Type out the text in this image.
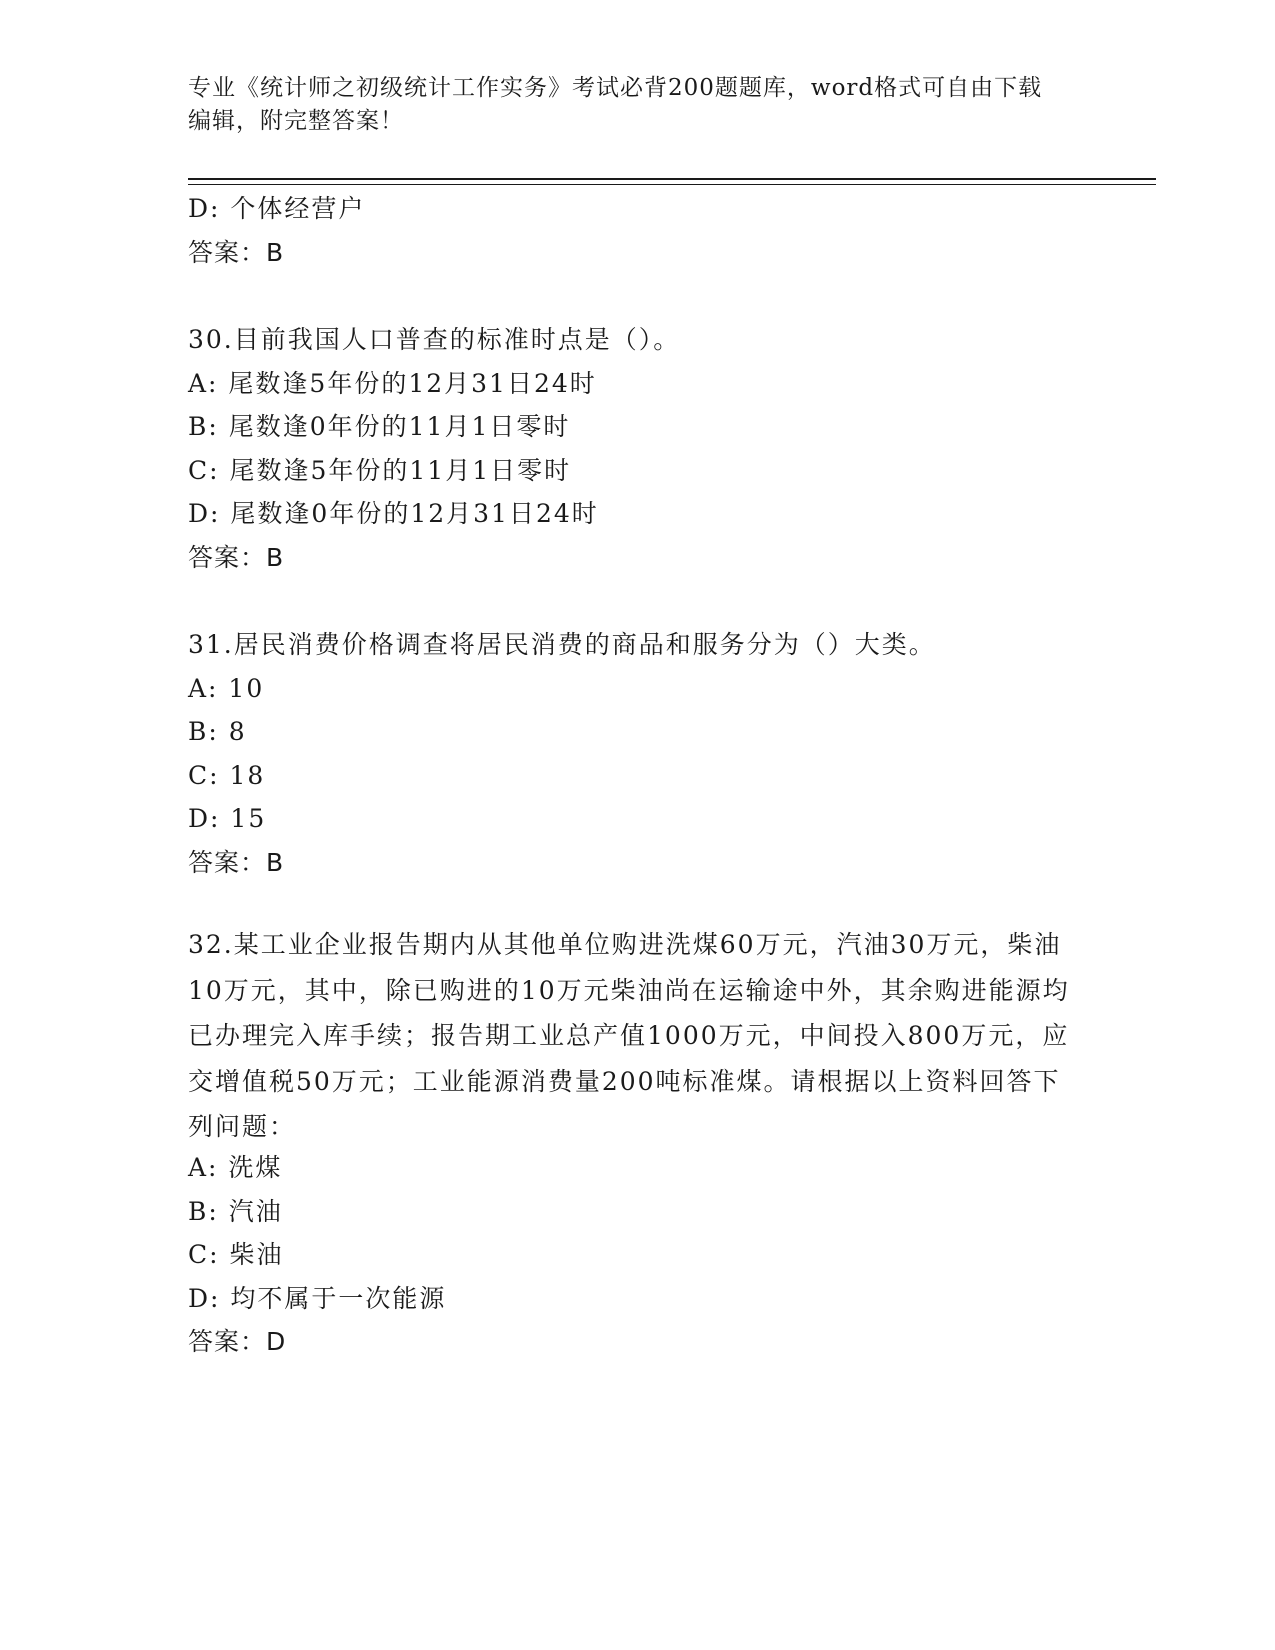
专业《统计师之初级统计工作实务》考试必背200题题库，word格式可自由下载
编辑，附完整答案！
D: 个体经营户
答案：B
30.目前我国人口普查的标准时点是（）。
A: 尾数逢5年份的12月31日24时
B: 尾数逢0年份的11月1日零时
C: 尾数逢5年份的11月1日零时
D: 尾数逢0年份的12月31日24时
答案：B
31.居民消费价格调查将居民消费的商品和服务分为（）大类。
A: 10
B: 8
C: 18
D: 15
答案：B
32.某工业企业报告期内从其他单位购进洗煤60万元，汽油30万元，柴油10万元，其中，除已购进的10万元柴油尚在运输途中外，其余购进能源均已办理完入库手续；报告期工业总产值1000万元，中间投入800万元，应交增值税50万元；工业能源消费量200吨标准煤。请根据以上资料回答下列问题：
A: 洗煤
B: 汽油
C: 柴油
D: 均不属于一次能源
答案：D
